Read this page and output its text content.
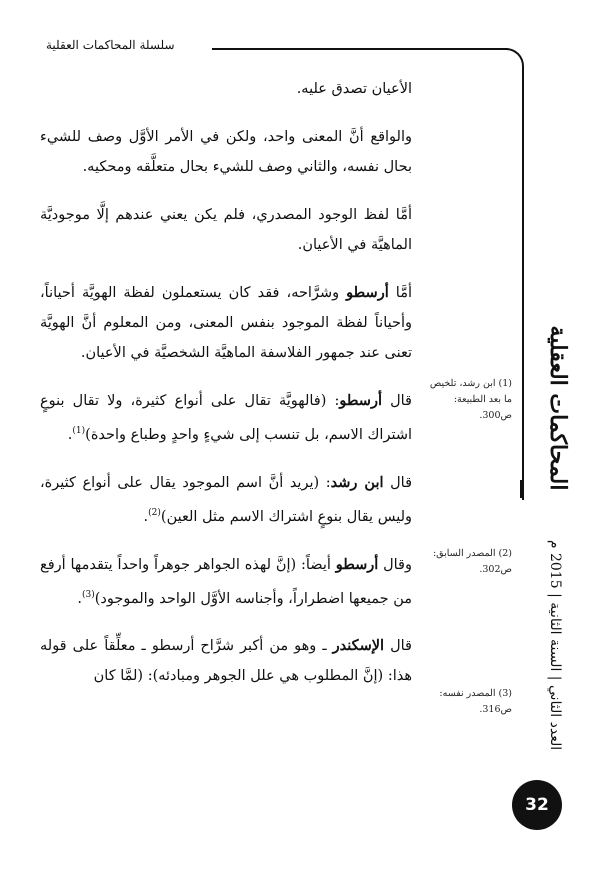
سلسلة المحاكمات العقلية

الأعيان تصدق عليه.

والواقع أنَّ المعنى واحد، ولكن في الأمر الأوَّل وصف للشيء بحال نفسه، والثاني وصف للشيء بحال متعلَّقه ومحكيه.

أمَّا لفظ الوجود المصدري، فلم يكن يعني عندهم إلَّا موجوديَّة الماهيَّة في الأعيان.

أمَّا أرسطو وشرَّاحه، فقد كان يستعملون لفظة الهويَّة أحياناً، وأحياناً لفظة الموجود بنفس المعنى، ومن المعلوم أنَّ الهويَّة تعنى عند جمهور الفلاسفة الماهيَّة الشخصيَّة في الأعيان.

قال أرسطو: (فالهويَّة تقال على أنواع كثيرة، ولا تقال بنوعٍ اشتراك الاسم، بل تنسب إلى شيءٍ واحدٍ وطباع واحدة)$^{(1)}$.

قال ابن رشد: (يريد أنَّ اسم الموجود يقال على أنواع كثيرة، وليس يقال بنوعٍ اشتراك الاسم مثل العين)$^{(2)}$.

وقال أرسطو أيضاً: (إنَّ لهذه الجواهر جوهراً واحداً يتقدمها أرفع من جميعها اضطراراً، وأجناسه الأوَّل الواحد والموجود)$^{(3)}$.

قال الإسكندر ـ وهو من أكبر شرَّاح أرسطو ـ معلِّقاً على قوله هذا: (إنَّ المطلوب هي علل الجوهر ومبادئه): (لمَّا كان

(1) ابن رشد، تلخيص ما بعد الطبيعة: ص300.
(2) المصدر السابق: ص302.
(3) المصدر نفسه: ص316.
المحاكمات العقلية
العدد الثاني | السنة الثانية | 2015 م
32
